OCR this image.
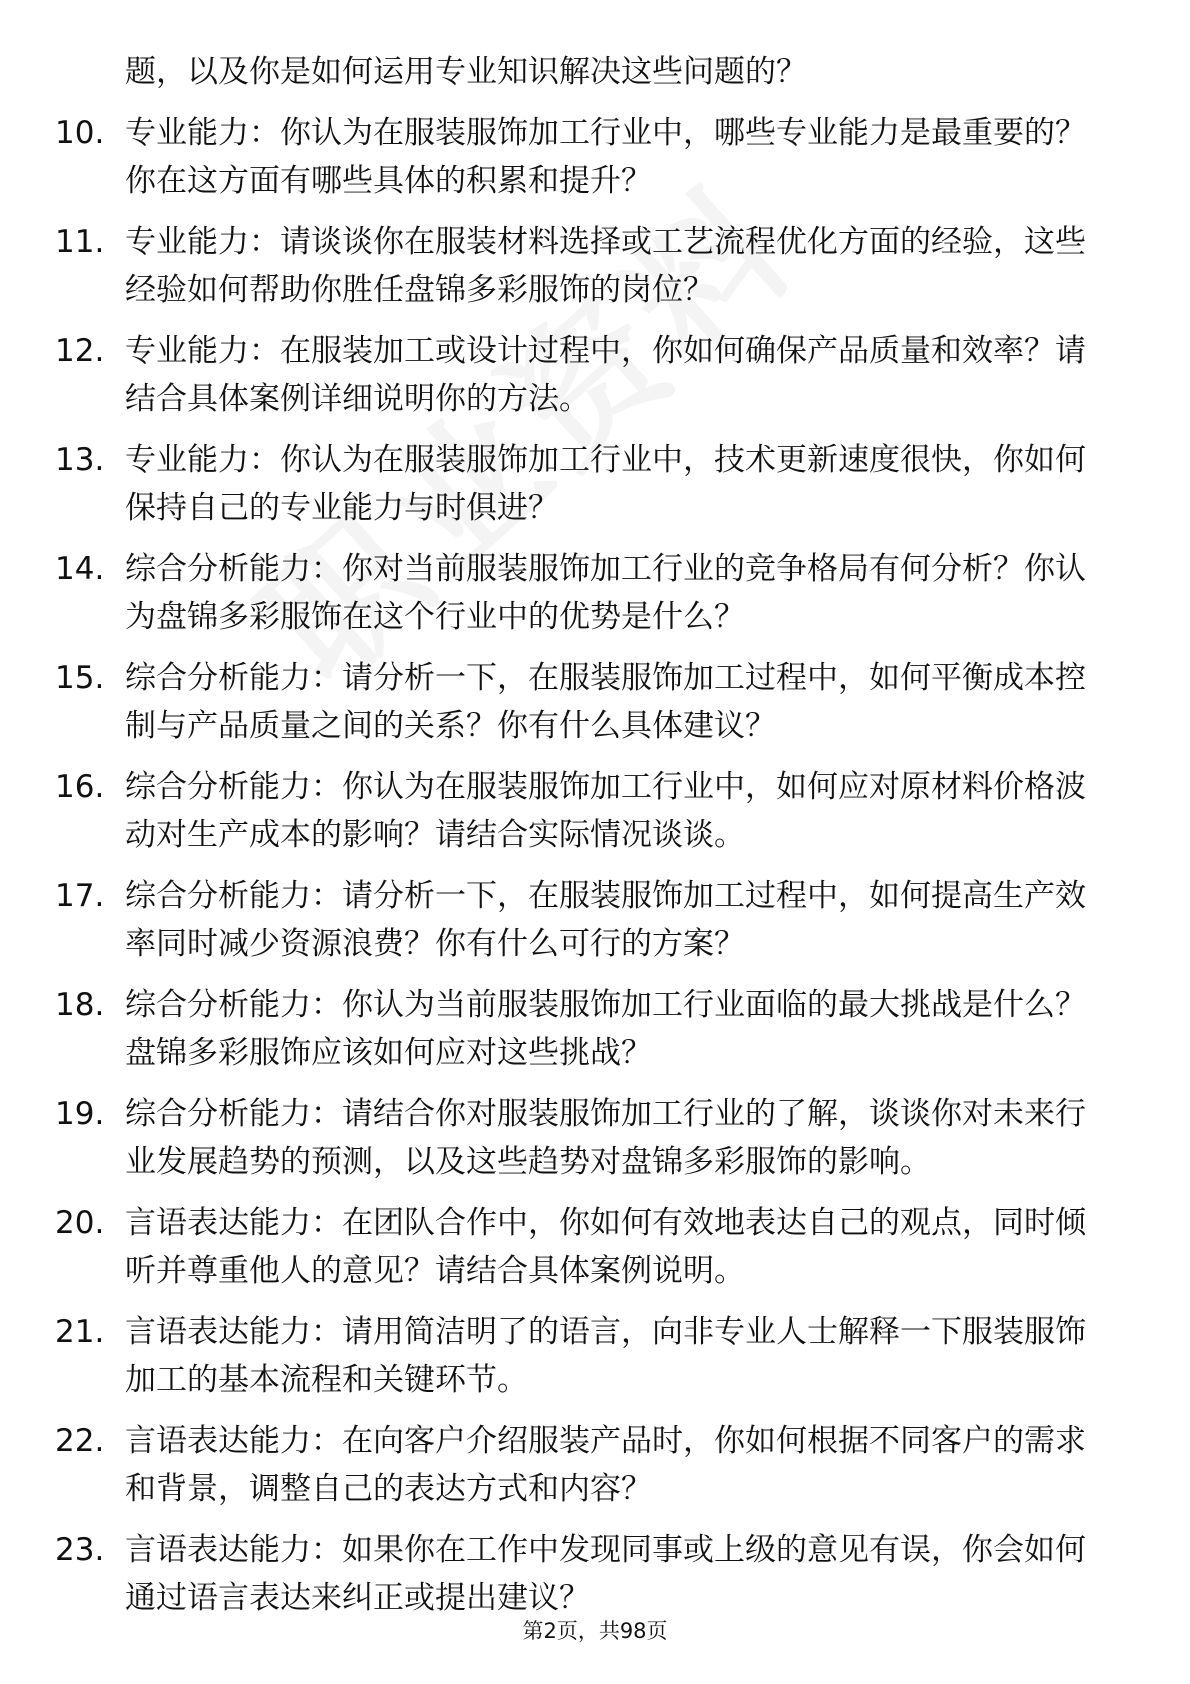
题，以及你是如何运用专业知识解决这些问题的？
10. 专业能力：你认为在服装服饰加工行业中，哪些专业能力是最重要的？你在这方面有哪些具体的积累和提升？
11. 专业能力：请谈谈你在服装材料选择或工艺流程优化方面的经验，这些经验如何帮助你胜任盘锦多彩服饰的岗位？
12. 专业能力：在服装加工或设计过程中，你如何确保产品质量和效率？请结合具体案例详细说明你的方法。
13. 专业能力：你认为在服装服饰加工行业中，技术更新速度很快，你如何保持自己的专业能力与时俱进？
14. 综合分析能力：你对当前服装服饰加工行业的竞争格局有何分析？你认为盘锦多彩服饰在这个行业中的优势是什么？
15. 综合分析能力：请分析一下，在服装服饰加工过程中，如何平衡成本控制与产品质量之间的关系？你有什么具体建议？
16. 综合分析能力：你认为在服装服饰加工行业中，如何应对原材料价格波动对生产成本的影响？请结合实际情况谈谈。
17. 综合分析能力：请分析一下，在服装服饰加工过程中，如何提高生产效率同时减少资源浪费？你有什么可行的方案？
18. 综合分析能力：你认为当前服装服饰加工行业面临的最大挑战是什么？盘锦多彩服饰应该如何应对这些挑战？
19. 综合分析能力：请结合你对服装服饰加工行业的了解，谈谈你对未来行业发展趋势的预测，以及这些趋势对盘锦多彩服饰的影响。
20. 言语表达能力：在团队合作中，你如何有效地表达自己的观点，同时倾听并尊重他人的意见？请结合具体案例说明。
21. 言语表达能力：请用简洁明了的语言，向非专业人士解释一下服装服饰加工的基本流程和关键环节。
22. 言语表达能力：在向客户介绍服装产品时，你如何根据不同客户的需求和背景，调整自己的表达方式和内容？
23. 言语表达能力：如果你在工作中发现同事或上级的意见有误，你会如何通过语言表达来纠正或提出建议？
第2页，共98页
